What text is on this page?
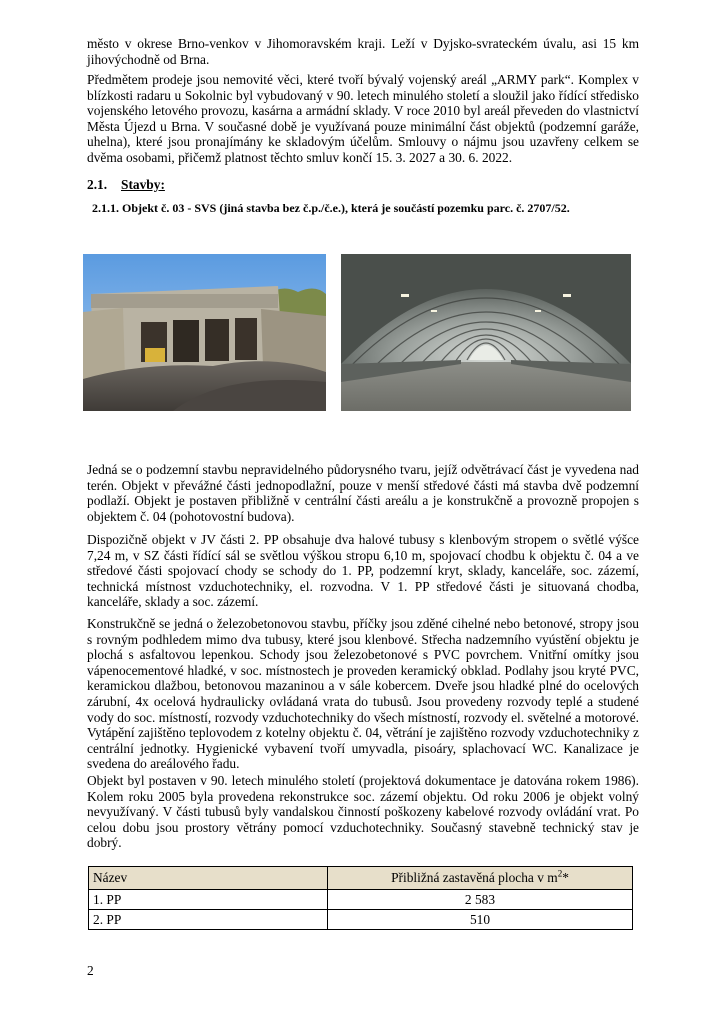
město v okrese Brno-venkov v Jihomoravském kraji. Leží v Dyjsko-svrateckém úvalu, asi 15 km jihovýchodně od Brna.

Předmětem prodeje jsou nemovité věci, které tvoří bývalý vojenský areál „ARMY park“. Komplex v blízkosti radaru u Sokolnic byl vybudovaný v 90. letech minulého století a sloužil jako řídící středisko vojenského letového provozu, kasárna a armádní sklady. V roce 2010 byl areál převeden do vlastnictví Města Újezd u Brna. V současné době je využívaná pouze minimální část objektů (podzemní garáže, uhelna), které jsou pronajímány ke skladovým účelům. Smlouvy o nájmu jsou uzavřeny celkem se dvěma osobami, přičemž platnost těchto smluv končí 15. 3. 2027 a 30. 6. 2022.

2.1. Stavby:
2.1.1. Objekt č. 03 - SVS (jiná stavba bez č.p./č.e.), která je součástí pozemku parc. č. 2707/52.

Jedná se o podzemní stavbu nepravidelného půdorysného tvaru, jejíž odvětrávací část je vyvedena nad terén. Objekt v převážné části jednopodlažní, pouze v menší středové části má stavba dvě podzemní podlaží. Objekt je postaven přibližně v centrální části areálu a je konstrukčně a provozně propojen s objektem č. 04 (pohotovostní budova).

Dispozičně objekt v JV části 2. PP obsahuje dva halové tubusy s klenbovým stropem o světlé výšce 7,24 m, v SZ části řídící sál se světlou výškou stropu 6,10 m, spojovací chodbu k objektu č. 04 a ve středové části spojovací chody se schody do 1. PP, podzemní kryt, sklady, kanceláře, soc. zázemí, technická místnost vzduchotechniky, el. rozvodna. V 1. PP středové části je situovaná chodba, kanceláře, sklady a soc. zázemí.

Konstrukčně se jedná o železobetonovou stavbu, příčky jsou zděné cihelné nebo betonové, stropy jsou s rovným podhledem mimo dva tubusy, které jsou klenbové. Střecha nadzemního vyústění objektu je plochá s asfaltovou lepenkou. Schody jsou železobetonové s PVC povrchem. Vnitřní omítky jsou vápenocementové hladké, v soc. místnostech je proveden keramický obklad. Podlahy jsou kryté PVC, keramickou dlažbou, betonovou mazaninou a v sále kobercem. Dveře jsou hladké plné do ocelových zárubní, 4x ocelová hydraulicky ovládaná vrata do tubusů. Jsou provedeny rozvody teplé a studené vody do soc. místností, rozvody vzduchotechniky do všech místností, rozvody el. světelné a motorové. Vytápění zajištěno teplovodem z kotelny objektu č. 04, větrání je zajištěno rozvody vzduchotechniky z centrální jednotky. Hygienické vybavení tvoří umyvadla, pisoáry, splachovací WC. Kanalizace je svedena do areálového řadu.

Objekt byl postaven v 90. letech minulého století (projektová dokumentace je datována rokem 1986). Kolem roku 2005 byla provedena rekonstrukce soc. zázemí objektu. Od roku 2006 je objekt volný nevyužívaný. V části tubusů byly vandalskou činností poškozeny kabelové rozvody ovládání vrat. Po celou dobu jsou prostory větrány pomocí vzduchotechniky. Současný stavebně technický stav je dobrý.

Název	Přibližná zastavěná plocha v $m^2*$
1. PP	2 583
2. PP	510
2
